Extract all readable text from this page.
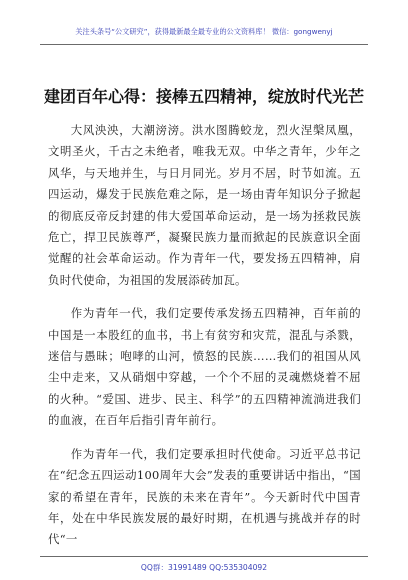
关注头条号“公文研究”，获得最新最全最专业的公文资料库！ 微信：gongwenyj
建团百年心得：接棒五四精神，绽放时代光芒

大风泱泱，大潮滂滂。洪水图腾蛟龙，烈火涅槃凤凰，文明圣火，千古之未绝者，唯我无双。中华之青年，少年之风华，与天地并生，与日月同光。岁月不居，时节如流。五四运动，爆发于民族危难之际，是一场由青年知识分子掀起的彻底反帝反封建的伟大爱国革命运动，是一场为拯救民族危亡，捍卫民族尊严，凝聚民族力量而掀起的民族意识全面觉醒的社会革命运动。作为青年一代，要发扬五四精神，肩负时代使命，为祖国的发展添砖加瓦。

作为青年一代，我们定要传承发扬五四精神，百年前的中国是一本股红的血书，书上有贫穷和灾荒，混乱与杀戮，迷信与愚昧；咆哮的山河，愤怒的民族……我们的祖国从风尘中走来，又从硝烟中穿越，一个个不屈的灵魂燃烧着不屈的火种。“爱国、进步、民主、科学”的五四精神流淌进我们的血液，在百年后指引青年前行。

作为青年一代，我们定要承担时代使命。习近平总书记在“纪念五四运动100周年大会”发表的重要讲话中指出，“国家的希望在青年，民族的未来在青年”。今天新时代中国青年，处在中华民族发展的最好时期，在机遇与挑战并存的时代“一

QQ群：31991489 QQ:535304092
